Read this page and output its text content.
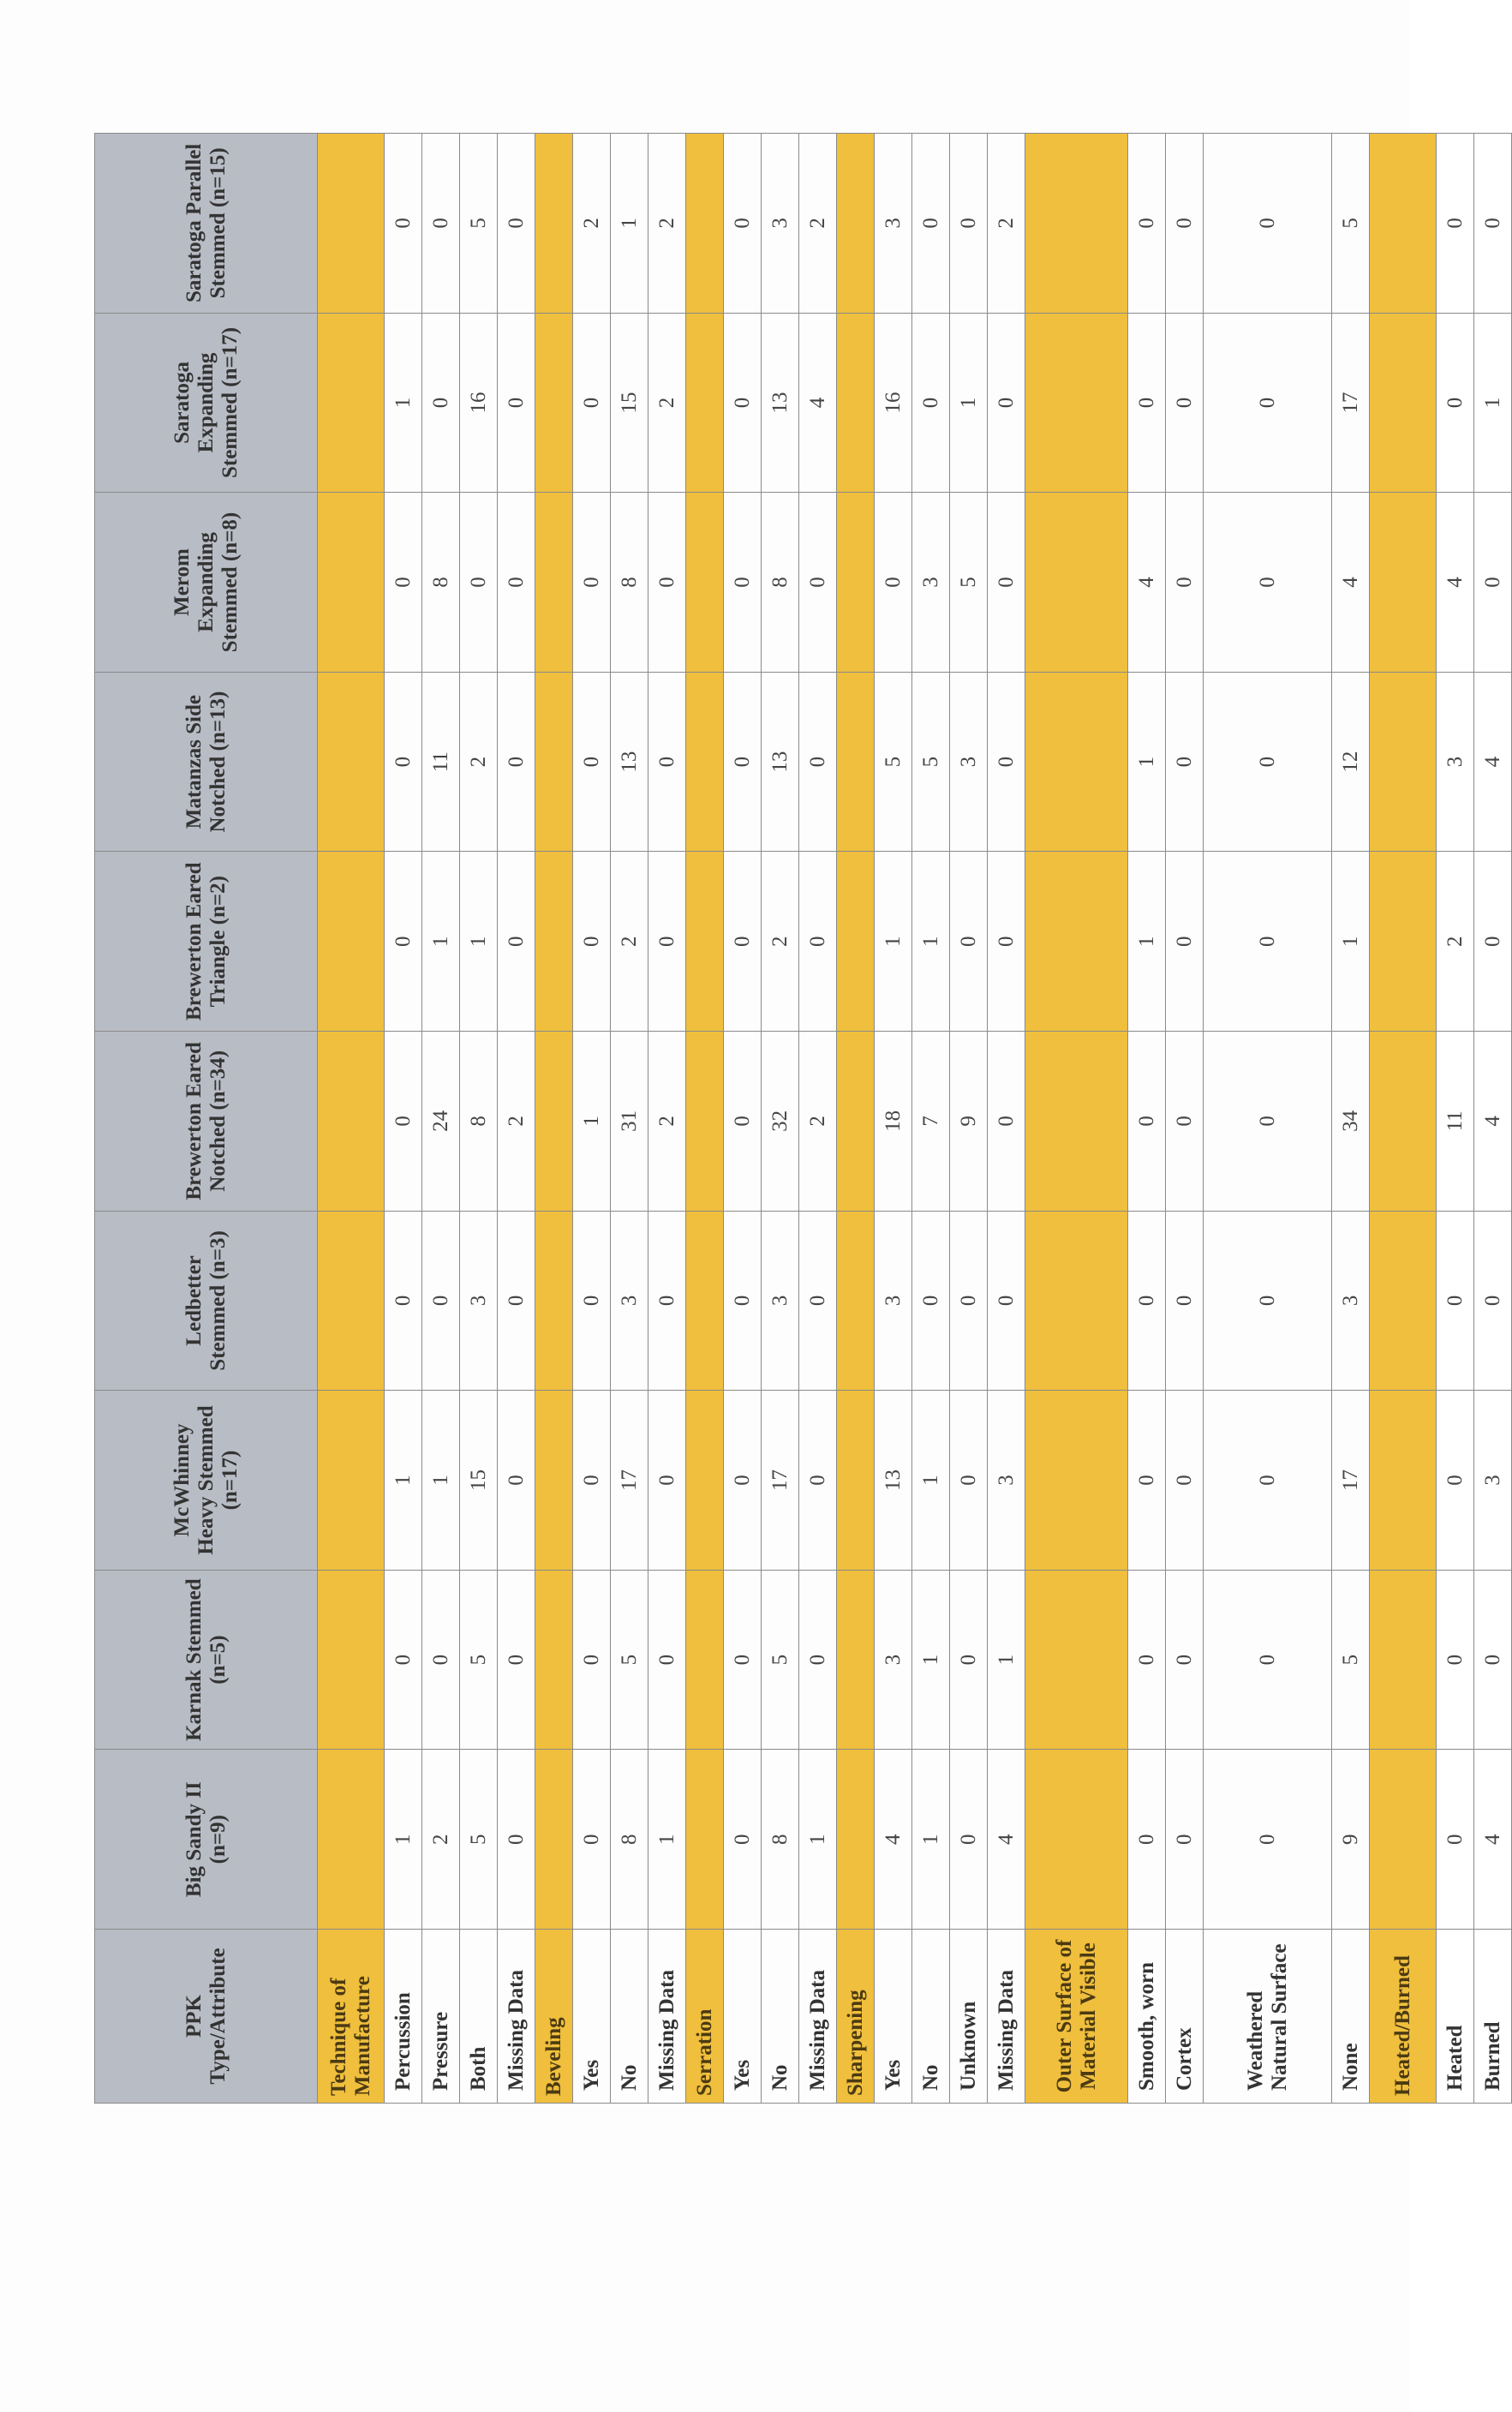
PPK Type/Attribute	Big Sandy II (n=9)	Karnak Stemmed (n=5)	McWhinney Heavy Stemmed (n=17)	Ledbetter Stemmed (n=3)	Brewerton Eared Notched (n=34)	Brewerton Eared Triangle (n=2)	Matanzas Side Notched (n=13)	Merom Expanding Stemmed (n=8)	Saratoga Expanding Stemmed (n=17)	Saratoga Parallel Stemmed (n=15)
Technique of Manufacture										
Percussion	1	0	1	0	0	0	0	0	1	0
Pressure	2	0	1	0	24	1	11	8	0	0
Both	5	5	15	3	8	1	2	0	16	5
Missing Data	0	0	0	0	2	0	0	0	0	0
Beveling										
Yes	0	0	0	0	1	0	0	0	0	2
No	8	5	17	3	31	2	13	8	15	1
Missing Data	1	0	0	0	2	0	0	0	2	2
Serration										
Yes	0	0	0	0	0	0	0	0	0	0
No	8	5	17	3	32	2	13	8	13	3
Missing Data	1	0	0	0	2	0	0	0	4	2
Sharpening										
Yes	4	3	13	3	18	1	5	0	16	3
No	1	1	1	0	7	1	5	3	0	0
Unknown	0	0	0	0	9	0	3	5	1	0
Missing Data	4	1	3	0	0	0	0	0	0	2
Outer Surface of Material Visible										
Smooth, worn	0	0	0	0	0	1	1	4	0	0
Cortex	0	0	0	0	0	0	0	0	0	0
Weathered Natural Surface	0	0	0	0	0	0	0	0	0	0
None	9	5	17	3	34	1	12	4	17	5
Heated/Burned										
Heated	0	0	0	0	11	2	3	4	0	0
Burned	4	0	3	0	4	0	4	0	1	0
